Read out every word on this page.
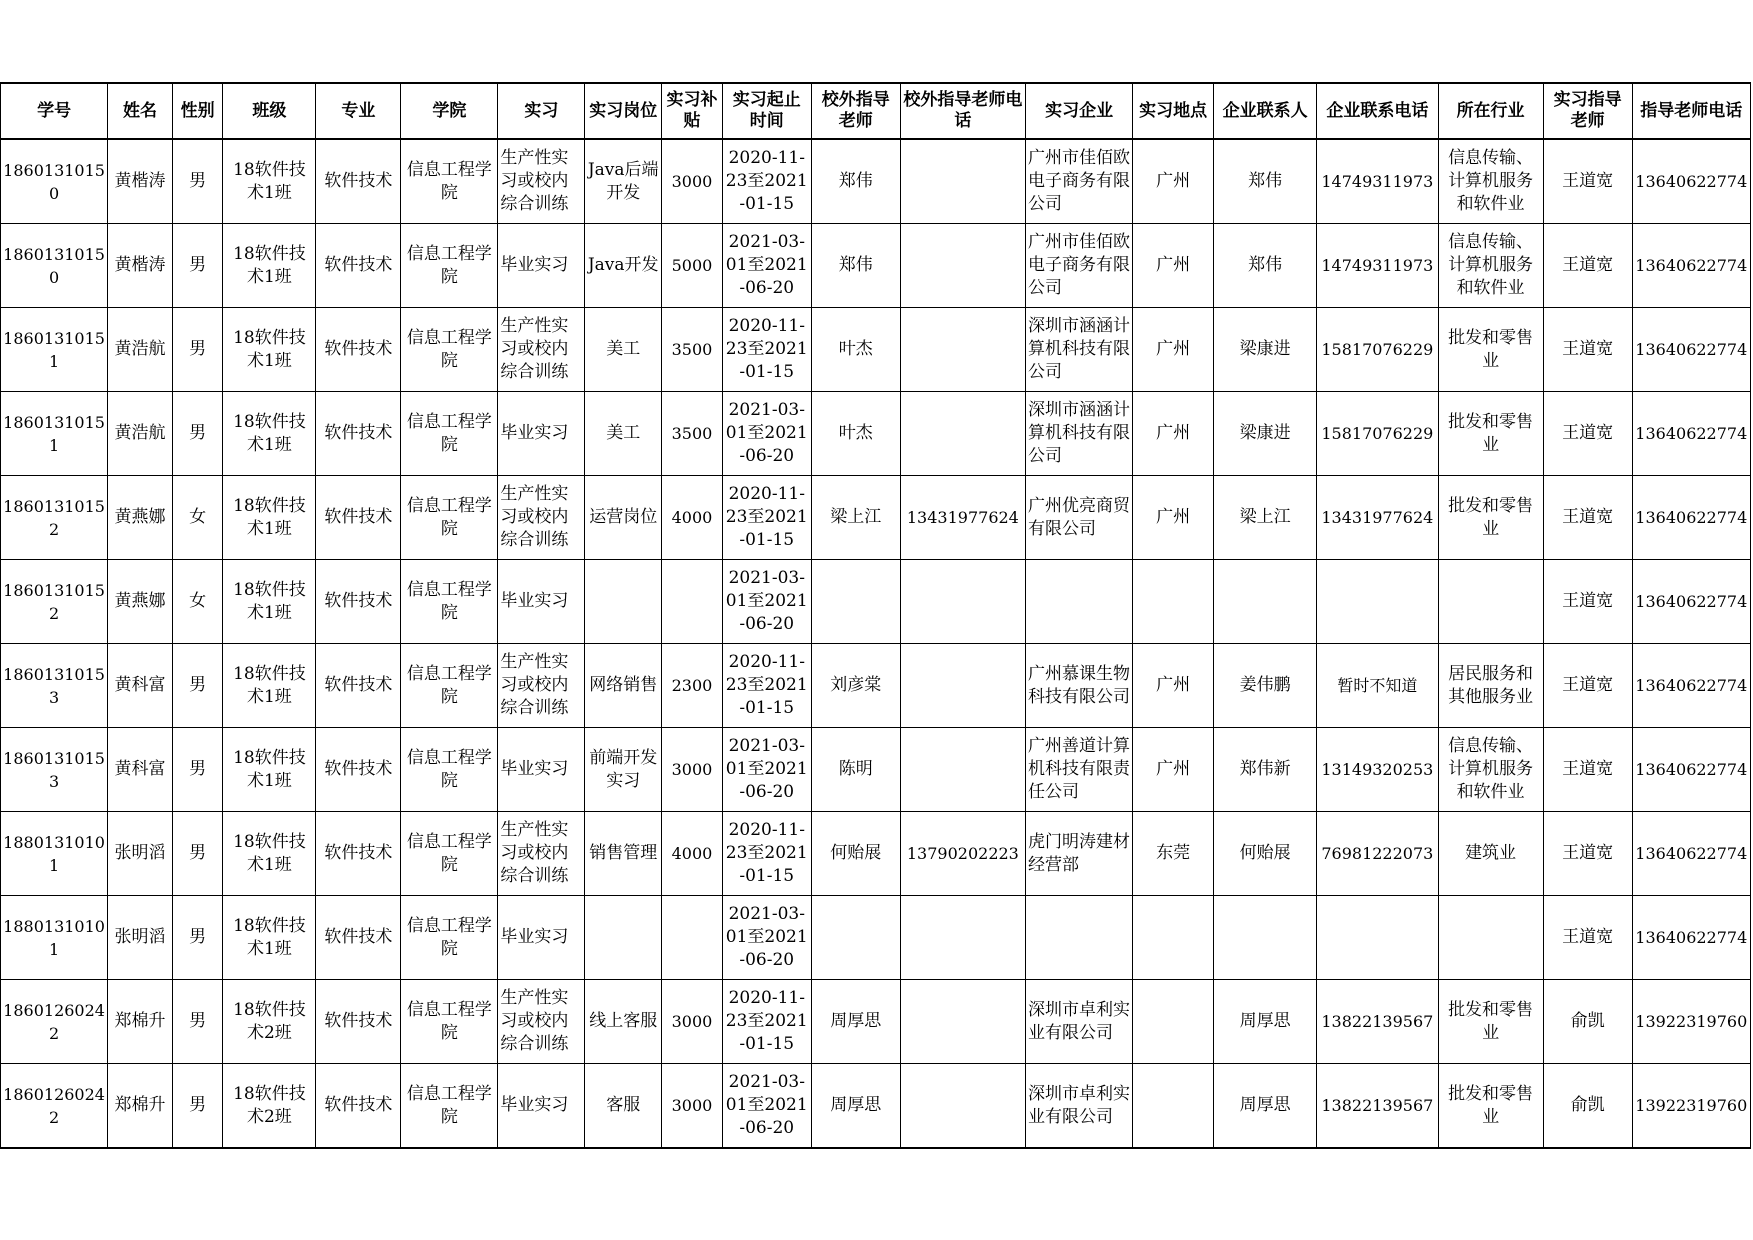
学号	姓名	性别	班级	专业	学院	实习	实习岗位	实习补贴	实习起止时间	校外指导老师	校外指导老师电话	实习企业	实习地点	企业联系人	企业联系电话	所在行业	实习指导老师	指导老师电话

18601310150	黄楷涛	男	18软件技术1班	软件技术	信息工程学院	生产性实习或校内综合训练	Java后端开发	3000	2020-11-23至2021-01-15	郑伟		广州市佳佰欧电子商务有限公司	广州	郑伟	14749311973	信息传输、计算机服务和软件业	王道宽	13640622774

18601310150	黄楷涛	男	18软件技术1班	软件技术	信息工程学院	毕业实习	Java开发	5000	2021-03-01至2021-06-20	郑伟		广州市佳佰欧电子商务有限公司	广州	郑伟	14749311973	信息传输、计算机服务和软件业	王道宽	13640622774

18601310151	黄浩航	男	18软件技术1班	软件技术	信息工程学院	生产性实习或校内综合训练	美工	3500	2020-11-23至2021-01-15	叶杰		深圳市涵涵计算机科技有限公司	广州	梁康进	15817076229	批发和零售业	王道宽	13640622774

18601310151	黄浩航	男	18软件技术1班	软件技术	信息工程学院	毕业实习	美工	3500	2021-03-01至2021-06-20	叶杰		深圳市涵涵计算机科技有限公司	广州	梁康进	15817076229	批发和零售业	王道宽	13640622774

18601310152	黄燕娜	女	18软件技术1班	软件技术	信息工程学院	生产性实习或校内综合训练	运营岗位	4000	2020-11-23至2021-01-15	梁上江	13431977624	广州优亮商贸有限公司	广州	梁上江	13431977624	批发和零售业	王道宽	13640622774

18601310152	黄燕娜	女	18软件技术1班	软件技术	信息工程学院	毕业实习			2021-03-01至2021-06-20								王道宽	13640622774

18601310153	黄科富	男	18软件技术1班	软件技术	信息工程学院	生产性实习或校内综合训练	网络销售	2300	2020-11-23至2021-01-15	刘彦棠		广州慕课生物科技有限公司	广州	姜伟鹏	暂时不知道	居民服务和其他服务业	王道宽	13640622774

18601310153	黄科富	男	18软件技术1班	软件技术	信息工程学院	毕业实习	前端开发实习	3000	2021-03-01至2021-06-20	陈明		广州善道计算机科技有限责任公司	广州	郑伟新	13149320253	信息传输、计算机服务和软件业	王道宽	13640622774

18801310101	张明滔	男	18软件技术1班	软件技术	信息工程学院	生产性实习或校内综合训练	销售管理	4000	2020-11-23至2021-01-15	何贻展	13790202223	虎门明涛建材经营部	东莞	何贻展	76981222073	建筑业	王道宽	13640622774

18801310101	张明滔	男	18软件技术1班	软件技术	信息工程学院	毕业实习			2021-03-01至2021-06-20								王道宽	13640622774

18601260242	郑棉升	男	18软件技术2班	软件技术	信息工程学院	生产性实习或校内综合训练	线上客服	3000	2020-11-23至2021-01-15	周厚思		深圳市卓利实业有限公司		周厚思	13822139567	批发和零售业	俞凯	13922319760

18601260242	郑棉升	男	18软件技术2班	软件技术	信息工程学院	毕业实习	客服	3000	2021-03-01至2021-06-20	周厚思		深圳市卓利实业有限公司		周厚思	13822139567	批发和零售业	俞凯	13922319760
